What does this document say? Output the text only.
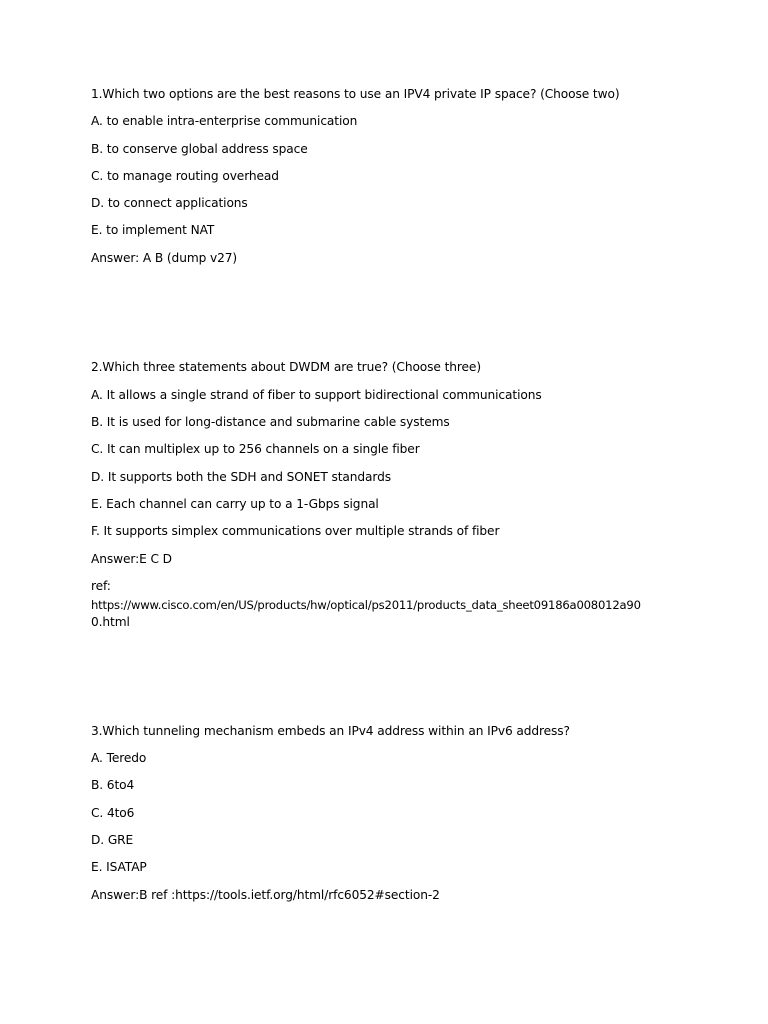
1.Which two options are the best reasons to use an IPV4 private IP space? (Choose two)
A. to enable intra-enterprise communication
B. to conserve global address space
C. to manage routing overhead
D. to connect applications
E. to implement NAT
Answer: A B (dump v27)
2.Which three statements about DWDM are true? (Choose three)
A. It allows a single strand of fiber to support bidirectional communications
B. It is used for long-distance and submarine cable systems
C. It can multiplex up to 256 channels on a single fiber
D. It supports both the SDH and SONET standards
E. Each channel can carry up to a 1-Gbps signal
F. It supports simplex communications over multiple strands of fiber
Answer:E C D
ref:
https://www.cisco.com/en/US/products/hw/optical/ps2011/products_data_sheet09186a008012a90
0.html
3.Which tunneling mechanism embeds an IPv4 address within an IPv6 address?
A. Teredo
B. 6to4
C. 4to6
D. GRE
E. ISATAP
Answer:B ref :https://tools.ietf.org/html/rfc6052#section-2
